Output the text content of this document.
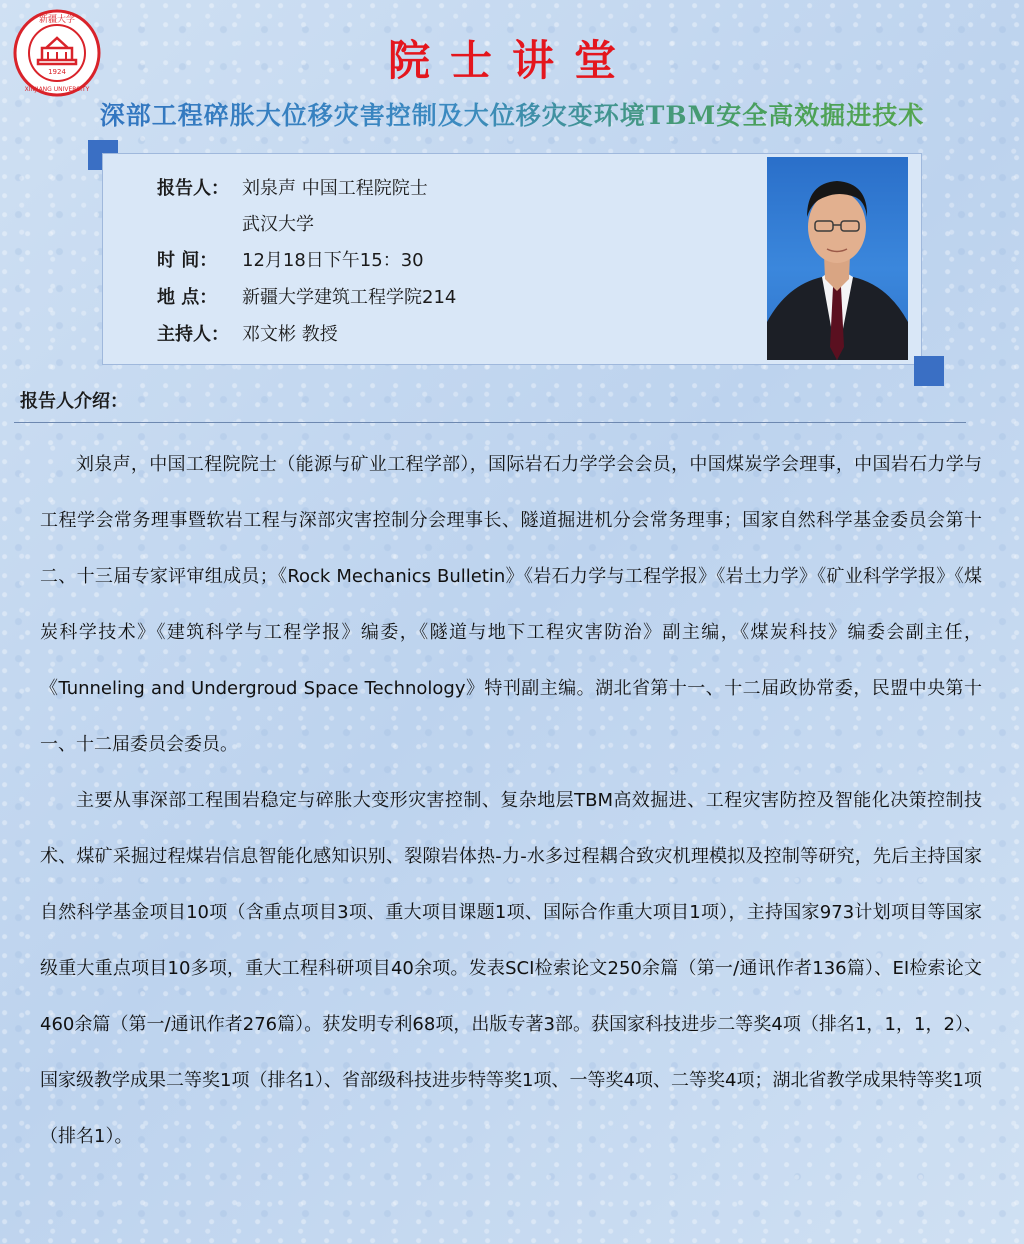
1924
新疆大学
XINJIANG UNIVERSITY
院士讲堂
深部工程碎胀大位移灾害控制及大位移灾变环境TBM安全高效掘进技术
报告人： 刘泉声 中国工程院院士
武汉大学
时 间： 12月18日下午15：30
地 点： 新疆大学建筑工程学院214
主持人： 邓文彬 教授
报告人介绍：

刘泉声，中国工程院院士（能源与矿业工程学部），国际岩石力学学会会员，中国煤炭学会理事，中国岩石力学与工程学会常务理事暨软岩工程与深部灾害控制分会理事长、隧道掘进机分会常务理事；国家自然科学基金委员会第十二、十三届专家评审组成员；《Rock Mechanics Bulletin》《岩石力学与工程学报》《岩土力学》《矿业科学学报》《煤炭科学技术》《建筑科学与工程学报》编委，《隧道与地下工程灾害防治》副主编，《煤炭科技》编委会副主任，《Tunneling and Undergroud Space Technology》特刊副主编。湖北省第十一、十二届政协常委，民盟中央第十一、十二届委员会委员。

主要从事深部工程围岩稳定与碎胀大变形灾害控制、复杂地层TBM高效掘进、工程灾害防控及智能化决策控制技术、煤矿采掘过程煤岩信息智能化感知识别、裂隙岩体热-力-水多过程耦合致灾机理模拟及控制等研究，先后主持国家自然科学基金项目10项（含重点项目3项、重大项目课题1项、国际合作重大项目1项），主持国家973计划项目等国家级重大重点项目10多项，重大工程科研项目40余项。发表SCI检索论文250余篇（第一/通讯作者136篇）、EI检索论文460余篇（第一/通讯作者276篇）。获发明专利68项，出版专著3部。获国家科技进步二等奖4项（排名1，1，1，2）、国家级教学成果二等奖1项（排名1）、省部级科技进步特等奖1项、一等奖4项、二等奖4项；湖北省教学成果特等奖1项（排名1）。
